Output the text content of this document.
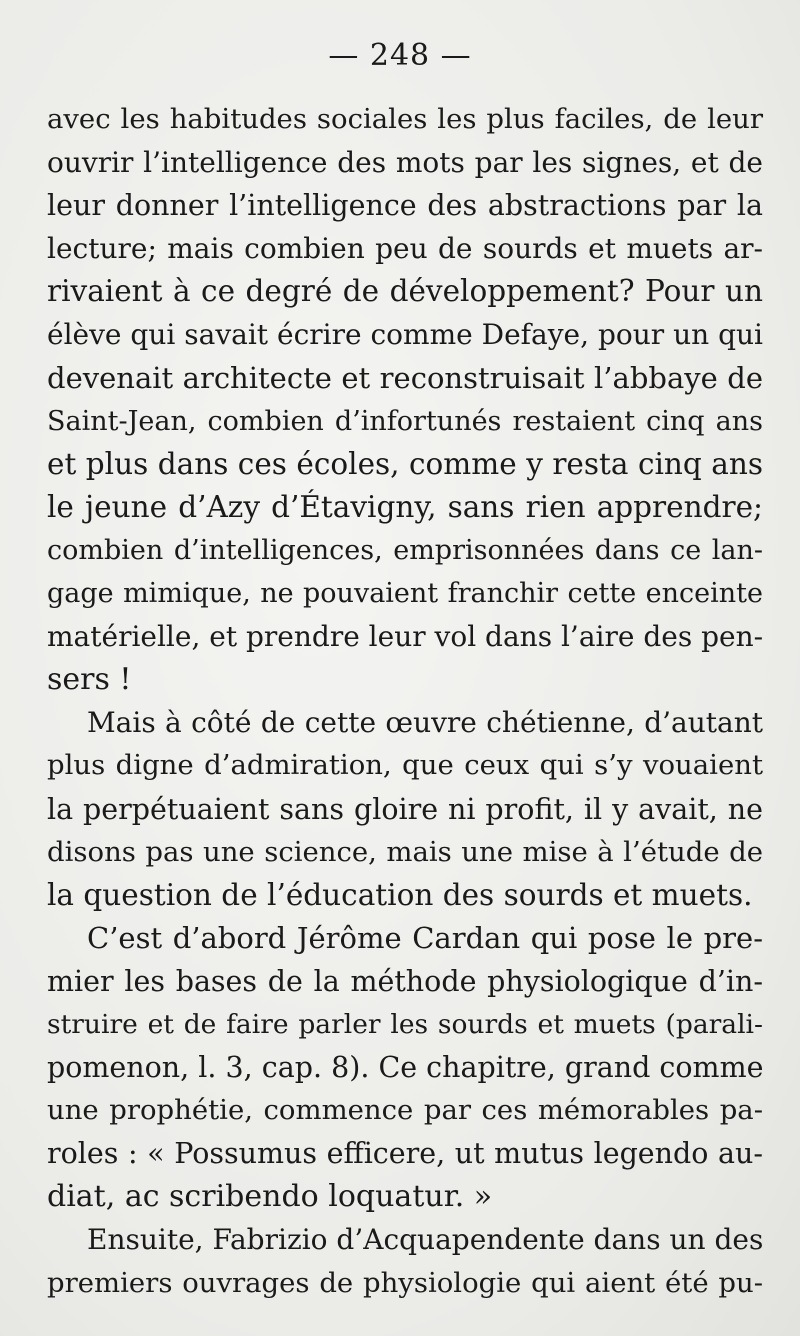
— 248 —
avec les habitudes sociales les plus faciles, de leur
ouvrir l’intelligence des mots par les signes, et de
leur donner l’intelligence des abstractions par la
lecture; mais combien peu de sourds et muets ar-
rivaient à ce degré de développement? Pour un
élève qui savait écrire comme Defaye, pour un qui
devenait architecte et reconstruisait l’abbaye de
Saint-Jean, combien d’infortunés restaient cinq ans
et plus dans ces écoles, comme y resta cinq ans
le jeune d’Azy d’Étavigny, sans rien apprendre;
combien d’intelligences, emprisonnées dans ce lan-
gage mimique, ne pouvaient franchir cette enceinte
matérielle, et prendre leur vol dans l’aire des pen-
sers !
Mais à côté de cette œuvre chétienne, d’autant
plus digne d’admiration, que ceux qui s’y vouaient
la perpétuaient sans gloire ni profit, il y avait, ne
disons pas une science, mais une mise à l’étude de
la question de l’éducation des sourds et muets.
C’est d’abord Jérôme Cardan qui pose le pre-
mier les bases de la méthode physiologique d’in-
struire et de faire parler les sourds et muets (parali-
pomenon, l. 3, cap. 8). Ce chapitre, grand comme
une prophétie, commence par ces mémorables pa-
roles : « Possumus efficere, ut mutus legendo au-
diat, ac scribendo loquatur. »
Ensuite, Fabrizio d’Acquapendente dans un des
premiers ouvrages de physiologie qui aient été pu-
